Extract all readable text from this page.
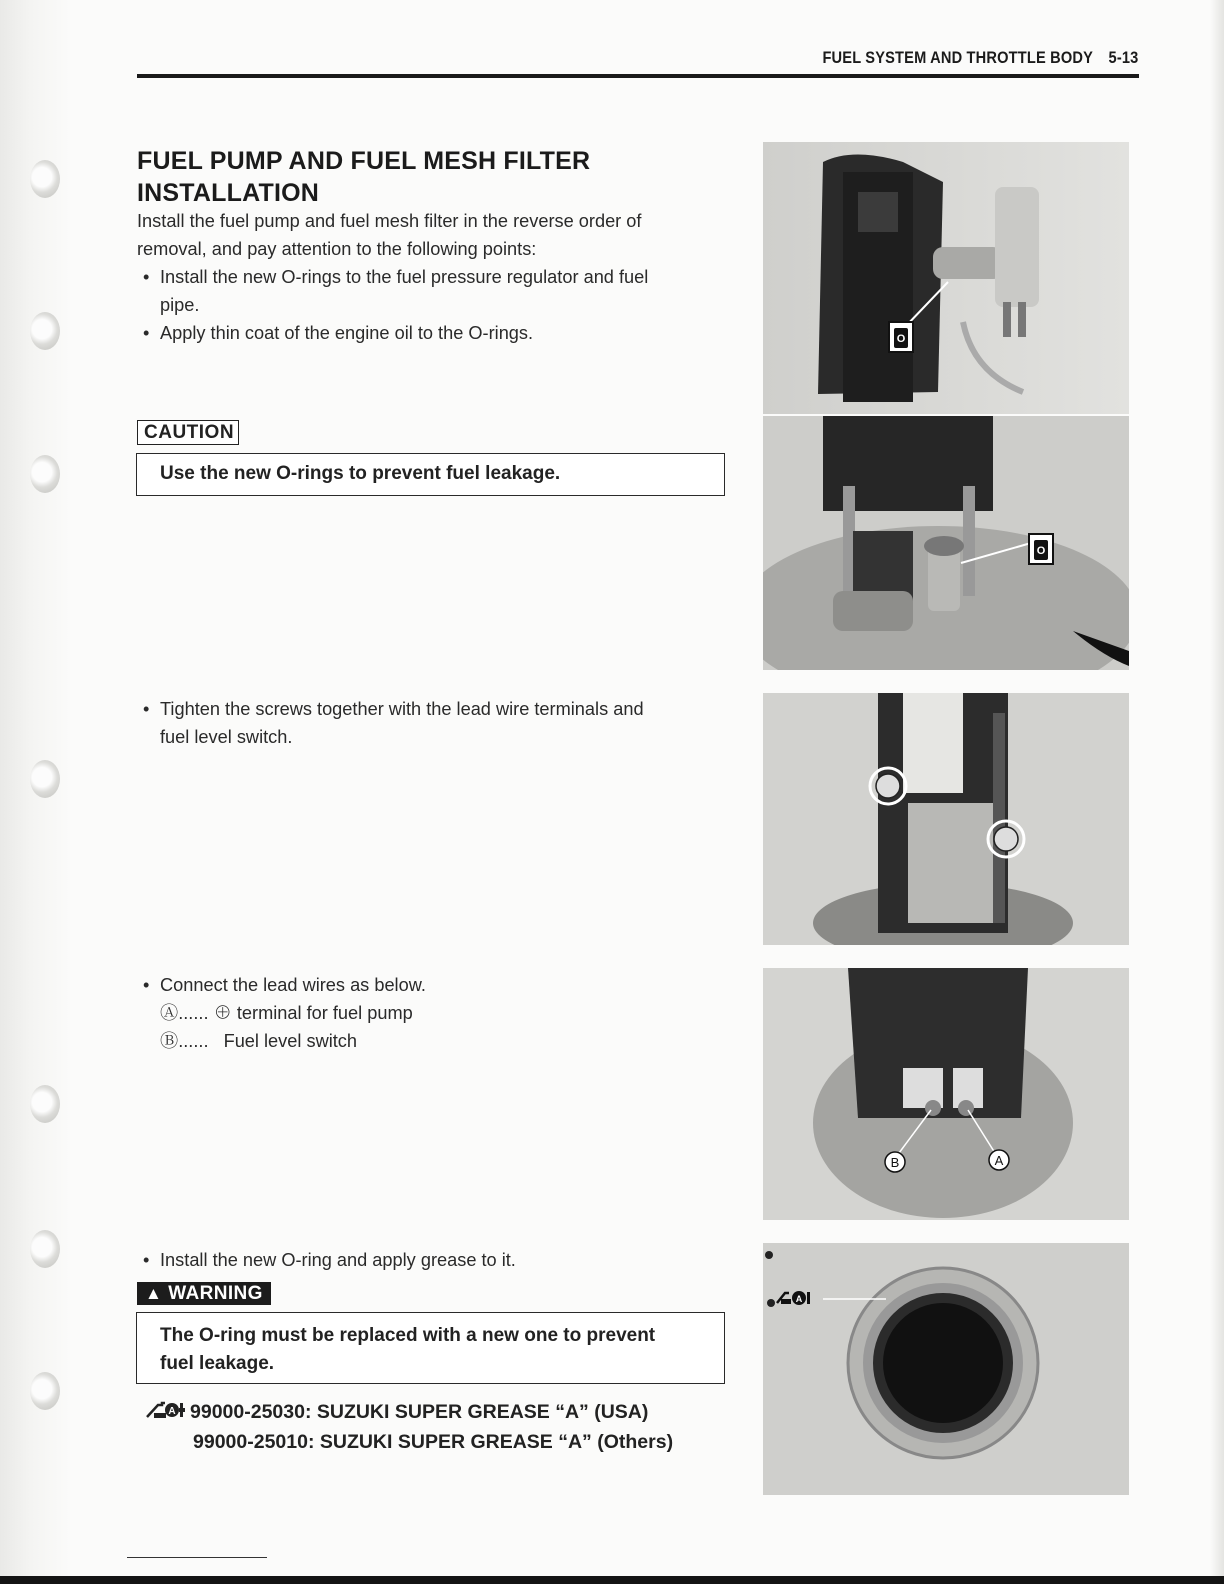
FUEL SYSTEM AND THROTTLE BODY 5-13
FUEL PUMP AND FUEL MESH FILTER
INSTALLATION
Install the fuel pump and fuel mesh filter in the reverse order of
removal, and pay attention to the following points:
• Install the new O-rings to the fuel pressure regulator and fuel
pipe.
• Apply thin coat of the engine oil to the O-rings.
CAUTION
Use the new O-rings to prevent fuel leakage.
• Tighten the screws together with the lead wire terminals and
fuel level switch.
• Connect the lead wires as below.
Ⓐ...... ⊕ terminal for fuel pump
Ⓑ...... Fuel level switch
• Install the new O-ring and apply grease to it.
▲ WARNING
The O-ring must be replaced with a new one to prevent
fuel leakage.
A 99000-25030: SUZUKI SUPER GREASE “A” (USA)
99000-25010: SUZUKI SUPER GREASE “A” (Others)
O
O
B	A
A
